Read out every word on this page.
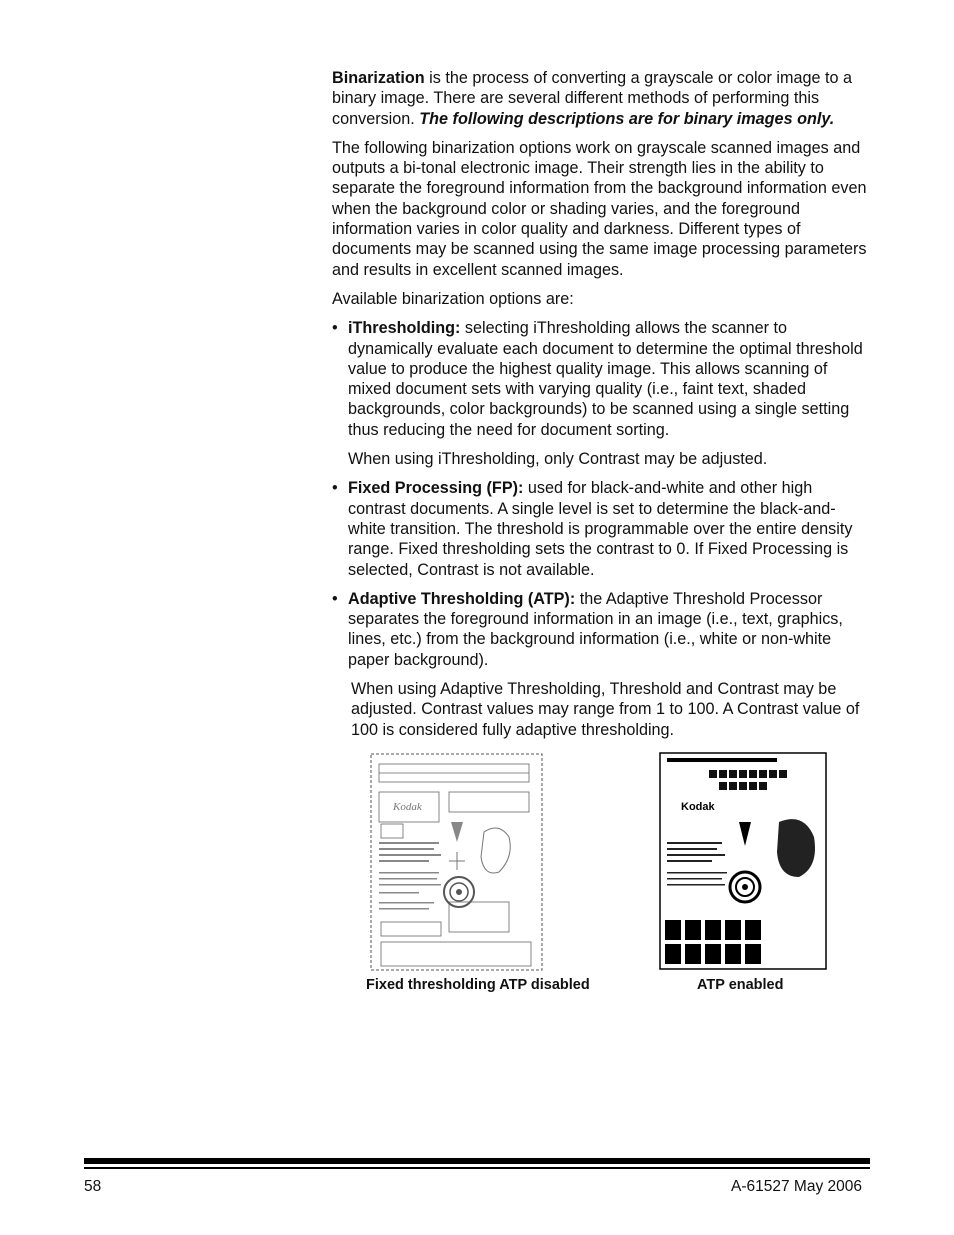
Binarization is the process of converting a grayscale or color image to a binary image. There are several different methods of performing this conversion. The following descriptions are for binary images only.

The following binarization options work on grayscale scanned images and outputs a bi-tonal electronic image. Their strength lies in the ability to separate the foreground information from the background information even when the background color or shading varies, and the foreground information varies in color quality and darkness. Different types of documents may be scanned using the same image processing parameters and results in excellent scanned images.

Available binarization options are:

• iThresholding: selecting iThresholding allows the scanner to dynamically evaluate each document to determine the optimal threshold value to produce the highest quality image. This allows scanning of mixed document sets with varying quality (i.e., faint text, shaded backgrounds, color backgrounds) to be scanned using a single setting thus reducing the need for document sorting.

When using iThresholding, only Contrast may be adjusted.

• Fixed Processing (FP): used for black-and-white and other high contrast documents. A single level is set to determine the black-and-white transition. The threshold is programmable over the entire density range. Fixed thresholding sets the contrast to 0. If Fixed Processing is selected, Contrast is not available.
• Adaptive Thresholding (ATP): the Adaptive Threshold Processor separates the foreground information in an image (i.e., text, graphics, lines, etc.) from the background information (i.e., white or non-white paper background).

When using Adaptive Thresholding, Threshold and Contrast may be adjusted. Contrast values may range from 1 to 100. A Contrast value of 100 is considered fully adaptive thresholding.

Kodak	Kodak
Fixed thresholding ATP disabled	ATP enabled
58	A-61527 May 2006
